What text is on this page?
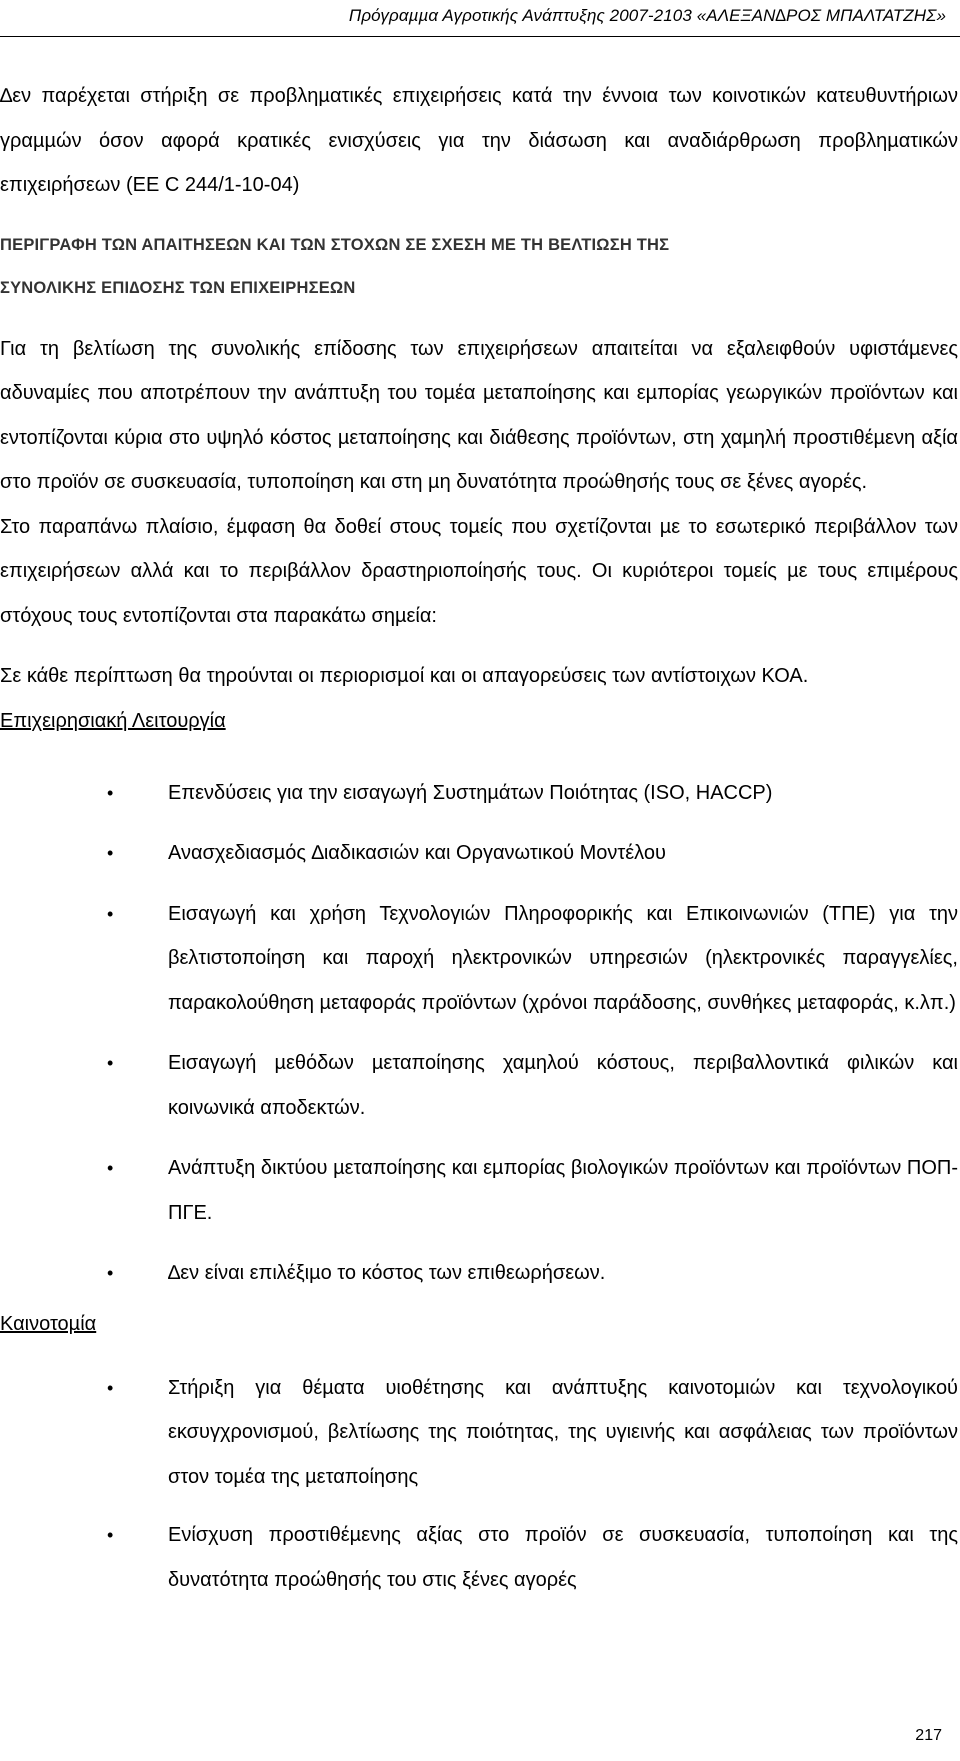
Πρόγραµµα Αγροτικής Ανάπτυξης 2007-2103 «ΑΛΕΞΑΝ∆ΡΟΣ ΜΠΑΛΤΑΤΖΗΣ»

∆εν παρέχεται στήριξη σε προβληµατικές επιχειρήσεις κατά την έννοια των κοινοτικών κατευθυντήριων γραµµών όσον αφορά κρατικές ενισχύσεις για την διάσωση και αναδιάρθρωση προβληµατικών επιχειρήσεων (ΕΕ C 244/1-10-04)

ΠΕΡΙΓΡΑΦΗ ΤΩΝ ΑΠΑΙΤΗΣΕΩΝ ΚΑΙ ΤΩΝ ΣΤΟΧΩΝ ΣΕ ΣΧΕΣΗ ΜΕ ΤΗ ΒΕΛΤΙΩΣΗ ΤΗΣ

ΣΥΝΟΛΙΚΗΣ ΕΠΙ∆ΟΣΗΣ ΤΩΝ ΕΠΙΧΕΙΡΗΣΕΩΝ

Για τη βελτίωση της συνολικής επίδοσης των επιχειρήσεων απαιτείται να εξαλειφθούν υφιστάµενες αδυναµίες που αποτρέπουν την ανάπτυξη του τοµέα µεταποίησης και εµπορίας γεωργικών προϊόντων και εντοπίζονται κύρια στο υψηλό κόστος µεταποίησης και διάθεσης προϊόντων, στη χαµηλή προστιθέµενη αξία στο προϊόν σε συσκευασία, τυποποίηση και στη µη δυνατότητα προώθησής τους σε ξένες αγορές.

Στο παραπάνω πλαίσιο, έµφαση θα δοθεί στους τοµείς που σχετίζονται µε το εσωτερικό περιβάλλον των επιχειρήσεων αλλά και το περιβάλλον δραστηριοποίησής τους. Οι κυριότεροι τοµείς µε τους επιµέρους στόχους τους εντοπίζονται στα παρακάτω σηµεία:

Σε κάθε περίπτωση θα τηρούνται οι περιορισµοί και οι απαγορεύσεις των αντίστοιχων ΚΟΑ.

Επιχειρησιακή Λειτουργία

•	Επενδύσεις για την εισαγωγή Συστηµάτων Ποιότητας (ISO, HACCP)
•	Ανασχεδιασµός ∆ιαδικασιών και Οργανωτικού Μοντέλου
•	Εισαγωγή και χρήση Τεχνολογιών Πληροφορικής και Επικοινωνιών (ΤΠΕ) για την βελτιστοποίηση και παροχή ηλεκτρονικών υπηρεσιών (ηλεκτρονικές παραγγελίες, παρακολούθηση µεταφοράς προϊόντων (χρόνοι παράδοσης, συνθήκες µεταφοράς, κ.λπ.)
•	Εισαγωγή µεθόδων µεταποίησης χαµηλού κόστους, περιβαλλοντικά φιλικών και κοινωνικά αποδεκτών.
•	Ανάπτυξη δικτύου µεταποίησης και εµπορίας βιολογικών προϊόντων και προϊόντων ΠΟΠ-ΠΓΕ.
•	∆εν είναι επιλέξιµο το κόστος των επιθεωρήσεων.

Καινοτοµία

•	Στήριξη για θέµατα υιοθέτησης και ανάπτυξης καινοτοµιών και τεχνολογικού εκσυγχρονισµού, βελτίωσης της ποιότητας, της υγιεινής και ασφάλειας των προϊόντων στον τοµέα της µεταποίησης
•	Ενίσχυση προστιθέµενης αξίας στο προϊόν σε συσκευασία, τυποποίηση και της δυνατότητα προώθησής του στις ξένες αγορές
217
